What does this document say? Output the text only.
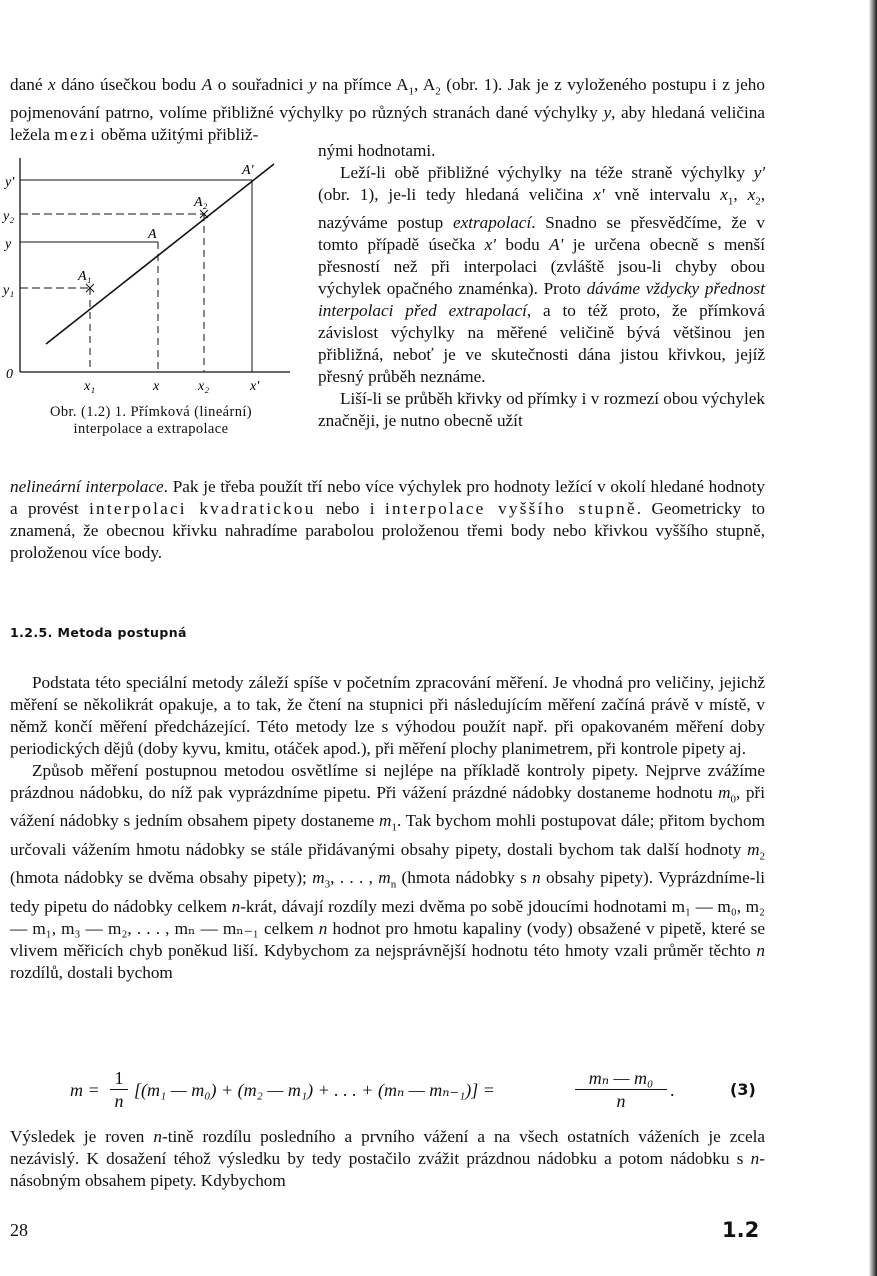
dané x dáno úsečkou bodu A o souřadnici y na přímce $A_1$, $A_2$ (obr. 1). Jak je z vyloženého postupu i z jeho pojmenování patrno, volíme přibližné výchylky po různých stranách dané výchylky y, aby hledaná veličina ležela mezi oběma užitými přibliž-
y'
y₂
y
y₁
0
x₁	x	x₂	x'
A₁
A
A₂
A'
Obr. (1.2) 1. Přímková (lineární)
interpolace a extrapolace

nými hodnotami.

Leží-li obě přibližné výchylky na téže straně výchylky y' (obr. 1), je-li tedy hledaná veličina x' vně intervalu $x_1$, $x_2$, nazýváme postup extrapolací. Snadno se přesvědčíme, že v tomto případě úsečka x' bodu A' je určena obecně s menší přesností než při interpolaci (zvláště jsou-li chyby obou výchylek opačného znaménka). Proto dáváme vždycky přednost interpolaci před extrapolací, a to též proto, že přímková závislost výchylky na měřené veličině bývá většinou jen přibližná, neboť je ve skutečnosti dána jistou křivkou, jejíž přesný průběh neznáme.

Liší-li se průběh křivky od přímky i v rozmezí obou výchylek značněji, je nutno obecně užít

nelineární interpolace. Pak je třeba použít tří nebo více výchylek pro hodnoty ležící v okolí hledané hodnoty a provést interpolaci kvadratickou nebo i interpolace vyššího stupně. Geometricky to znamená, že obecnou křivku nahradíme parabolou proloženou třemi body nebo křivkou vyššího stupně, proloženou více body.

1.2.5. Metoda postupná

Podstata této speciální metody záleží spíše v početním zpracování měření. Je vhodná pro veličiny, jejichž měření se několikrát opakuje, a to tak, že čtení na stupnici při následujícím měření začíná právě v místě, v němž končí měření předcházející. Této metody lze s výhodou použít např. při opakovaném měření doby periodických dějů (doby kyvu, kmitu, otáček apod.), při měření plochy planimetrem, při kontrole pipety aj.

Způsob měření postupnou metodou osvětlíme si nejlépe na příkladě kontroly pipety. Nejprve zvážíme prázdnou nádobku, do níž pak vyprázdníme pipetu. Při vážení prázdné nádobky dostaneme hodnotu $m_0$, při vážení nádobky s jedním obsahem pipety dostaneme $m_1$. Tak bychom mohli postupovat dále; přitom bychom určovali vážením hmotu nádobky se stále přidávanými obsahy pipety, dostali bychom tak další hodnoty $m_2$ (hmota nádobky se dvěma obsahy pipety); $m_3$, . . . , $m_n$ (hmota nádobky s n obsahy pipety). Vyprázdníme-li tedy pipetu do nádobky celkem n-krát, dávají rozdíly mezi dvěma po sobě jdoucími hodnotami m₁ — m₀, m₂ — m₁, m₃ — m₂, . . . , mₙ — mₙ₋₁ celkem n hodnot pro hmotu kapaliny (vody) obsažené v pipetě, které se vlivem měřicích chyb poněkud liší. Kdybychom za nejsprávnější hodnotu této hmoty vzali průměr těchto n rozdílů, dostali bychom

m =
1
n
[(m₁ — m₀) + (m₂ — m₁) + . . . + (mₙ — mₙ₋₁)] =
mₙ — m₀
n
.	(3)

Výsledek je roven n-tině rozdílu posledního a prvního vážení a na všech ostatních váženích je zcela nezávislý. K dosažení téhož výsledku by tedy postačilo zvážit prázdnou nádobku a potom nádobku s n-násobným obsahem pipety. Kdybychom

28	1.2
